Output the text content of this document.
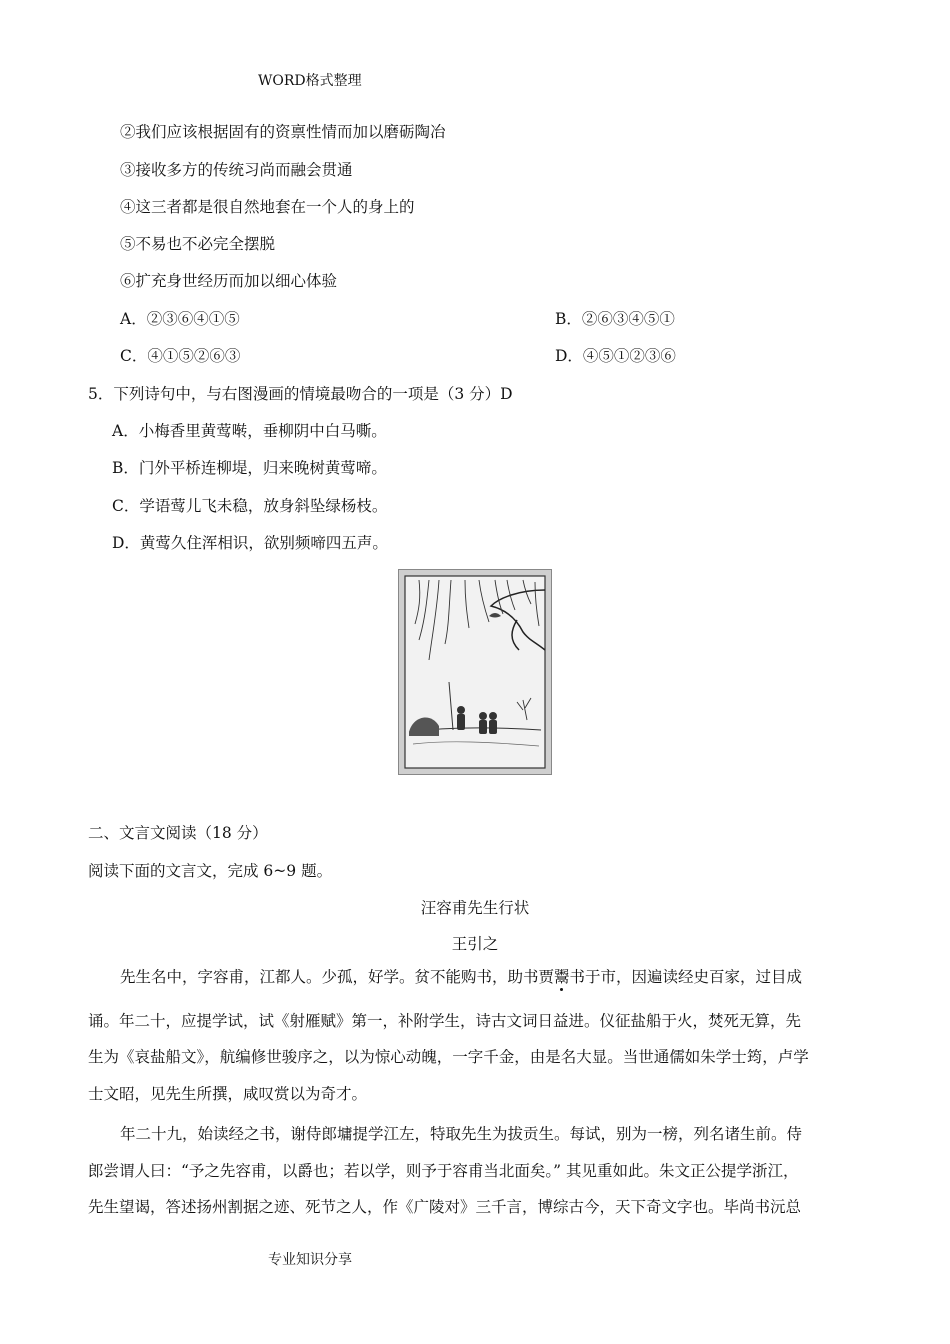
WORD格式整理
②我们应该根据固有的资禀性情而加以磨砺陶冶
③接收多方的传统习尚而融会贯通
④这三者都是很自然地套在一个人的身上的
⑤不易也不必完全摆脱
⑥扩充身世经历而加以细心体验
A．②③⑥④①⑤	B．②⑥③④⑤①
C．④①⑤②⑥③	D．④⑤①②③⑥
5．下列诗句中，与右图漫画的情境最吻合的一项是（3 分）D
A．小梅香里黄莺啭，垂柳阴中白马嘶。
B．门外平桥连柳堤，归来晚树黄莺啼。
C．学语莺儿飞未稳，放身斜坠绿杨枝。
D．黄莺久住浑相识，欲别频啼四五声。
二、文言文阅读（18 分）
阅读下面的文言文，完成 6~9 题。
汪容甫先生行状
王引之
先生名中，字容甫，江都人。少孤，好学。贫不能购书，助书贾鬻书于市，因遍读经史百家，过目成
诵。年二十，应提学试，试《射雁赋》第一，补附学生，诗古文词日益进。仪征盐船于火，焚死无算，先
生为《哀盐船文》，航编修世骏序之，以为惊心动魄，一字千金，由是名大显。当世通儒如朱学士筠，卢学
士文昭，见先生所撰，咸叹赏以为奇才。
年二十九，始读经之书，谢侍郎墉提学江左，特取先生为拔贡生。每试，别为一榜，列名诸生前。侍
郎尝谓人曰：“予之先容甫，以爵也；若以学，则予于容甫当北面矣。” 其见重如此。朱文正公提学浙江，
先生望谒，答述扬州割据之迹、死节之人，作《广陵对》三千言，博综古今，天下奇文字也。毕尚书沅总
专业知识分享
